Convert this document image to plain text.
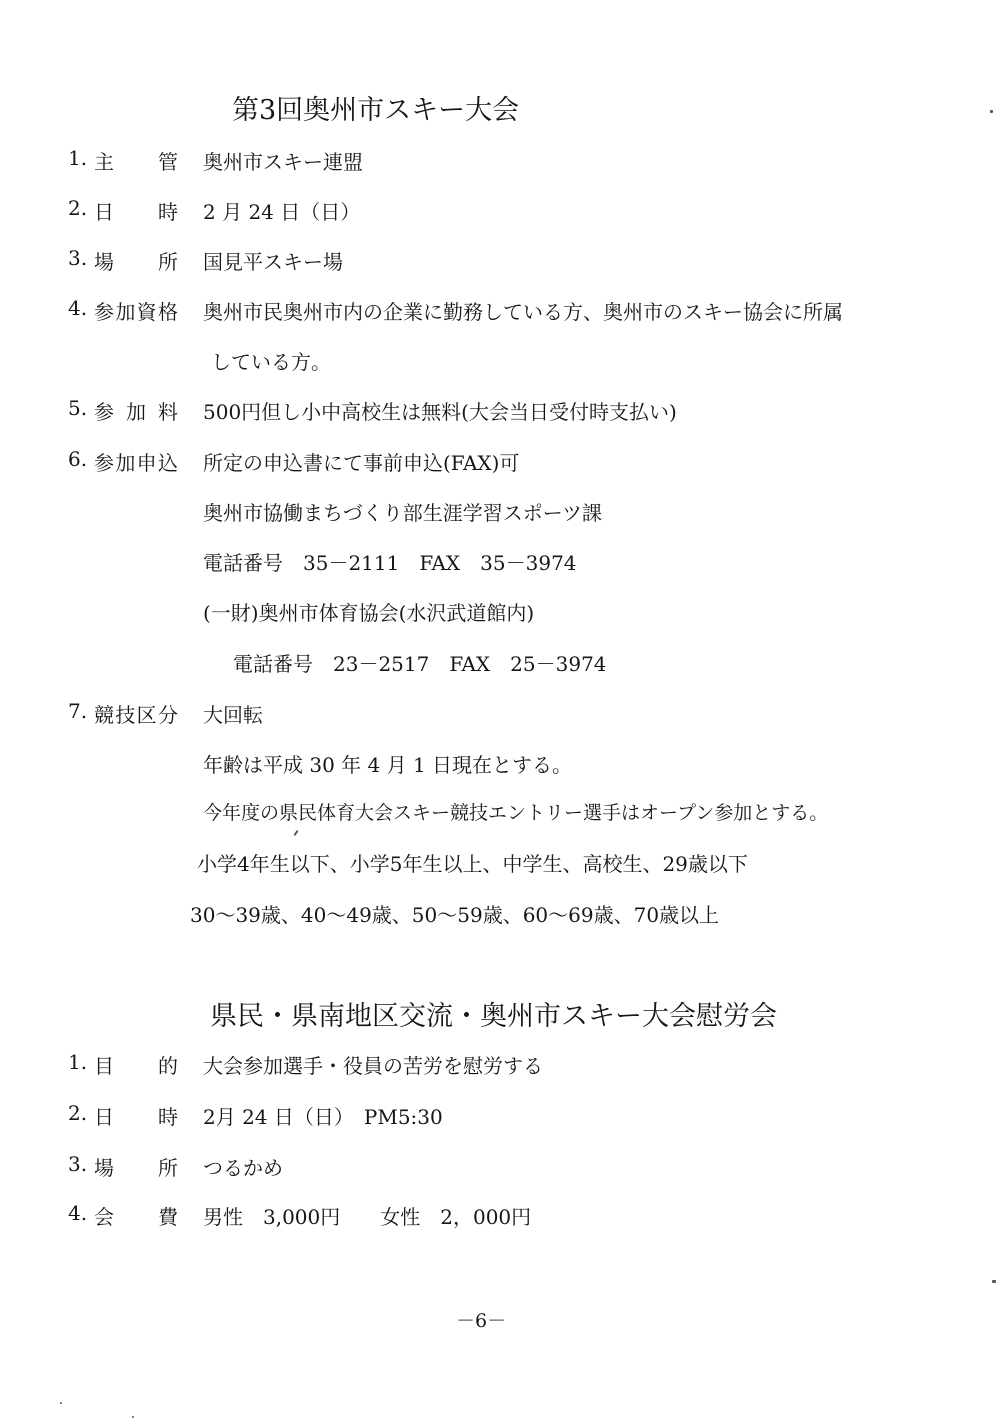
第3回奥州市スキー大会
1. 主 管 奥州市スキー連盟
2. 日 時 2 月 24 日（日）
3. 場 所 国見平スキー場
4. 参 加 資 格 奥州市民奥州市内の企業に勤務している方、奥州市のスキー協会に所属
している方。
5. 参 加 料 500円但し小中高校生は無料(大会当日受付時支払い)
6. 参 加 申 込 所定の申込書にて事前申込(FAX)可
奥州市協働まちづくり部生涯学習スポーツ課
電話番号　35－2111　FAX　35－3974
(一財)奥州市体育協会(水沢武道館内)
電話番号　23－2517　FAX　25－3974
7. 競 技 区 分 大回転
年齢は平成 30 年 4 月 1 日現在とする。
今年度の県民体育大会スキー競技エントリー選手はオープン参加とする。
小学4年生以下、小学5年生以上、中学生、高校生、29歳以下
30～39歳、40～49歳、50～59歳、60～69歳、70歳以上
県民・県南地区交流・奥州市スキー大会慰労会
1. 目 的 大会参加選手・役員の苦労を慰労する
2. 日 時 2月 24 日（日）　PM5:30
3. 場 所 つるかめ
4. 会 費 男性　3,000円　　女性　2，000円
－6－
